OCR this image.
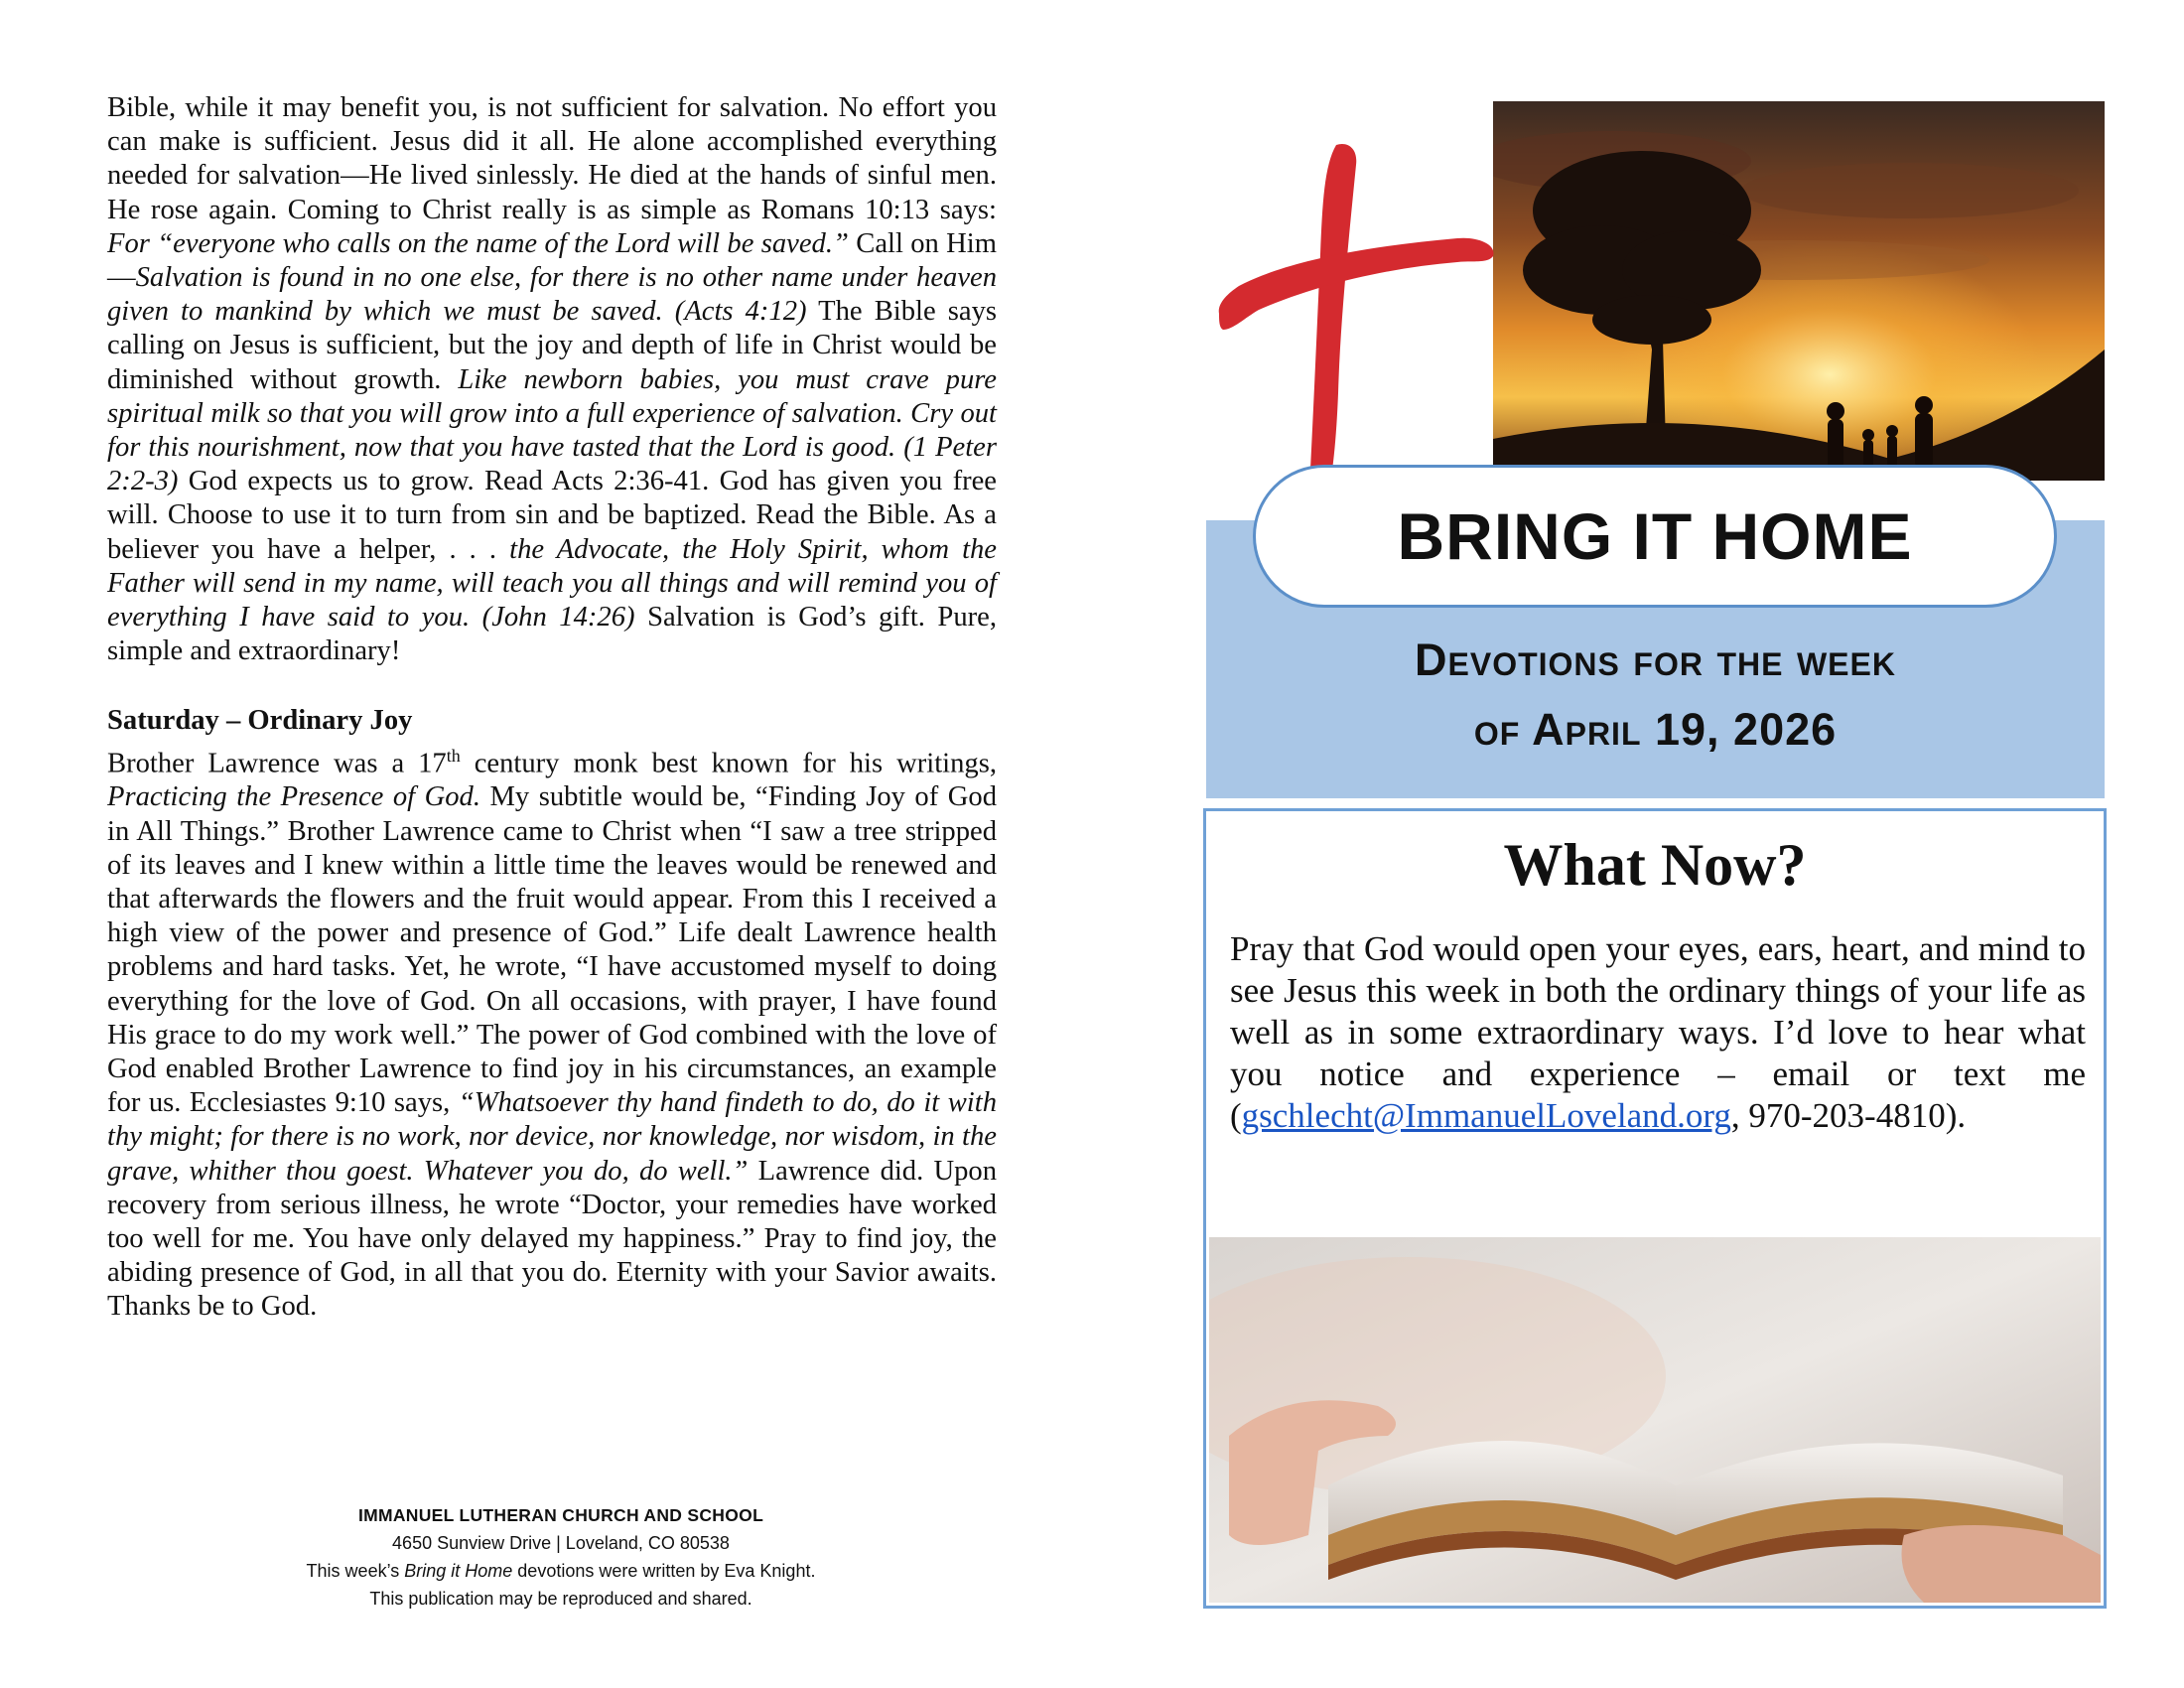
Bible, while it may benefit you, is not sufficient for salvation. No effort you can make is sufficient. Jesus did it all. He alone accomplished everything needed for salvation—He lived sinlessly. He died at the hands of sinful men. He rose again. Coming to Christ really is as simple as Romans 10:13 says: For “everyone who calls on the name of the Lord will be saved.” Call on Him—Salvation is found in no one else, for there is no other name under heaven given to mankind by which we must be saved. (Acts 4:12) The Bible says calling on Jesus is sufficient, but the joy and depth of life in Christ would be diminished without growth. Like newborn babies, you must crave pure spiritual milk so that you will grow into a full experience of salvation. Cry out for this nourishment, now that you have tasted that the Lord is good. (1 Peter 2:2-3) God expects us to grow. Read Acts 2:36-41. God has given you free will. Choose to use it to turn from sin and be baptized. Read the Bible. As a believer you have a helper, . . . the Advocate, the Holy Spirit, whom the Father will send in my name, will teach you all things and will remind you of everything I have said to you. (John 14:26) Salvation is God’s gift. Pure, simple and extraordinary!

Saturday – Ordinary Joy

Brother Lawrence was a 17th century monk best known for his writings, Practicing the Presence of God. My subtitle would be, “Finding Joy of God in All Things.” Brother Lawrence came to Christ when “I saw a tree stripped of its leaves and I knew within a little time the leaves would be renewed and that afterwards the flowers and the fruit would appear. From this I received a high view of the power and presence of God.” Life dealt Lawrence health problems and hard tasks. Yet, he wrote, “I have accustomed myself to doing everything for the love of God. On all occasions, with prayer, I have found His grace to do my work well.” The power of God combined with the love of God enabled Brother Lawrence to find joy in his circumstances, an example for us. Ecclesiastes 9:10 says, “Whatsoever thy hand findeth to do, do it with thy might; for there is no work, nor device, nor knowledge, nor wisdom, in the grave, whither thou goest. Whatever you do, do well.” Lawrence did. Upon recovery from serious illness, he wrote “Doctor, your remedies have worked too well for me. You have only delayed my happiness.” Pray to find joy, the abiding presence of God, in all that you do. Eternity with your Savior awaits. Thanks be to God.

IMMANUEL LUTHERAN CHURCH AND SCHOOL
4650 Sunview Drive | Loveland, CO 80538
This week’s Bring it Home devotions were written by Eva Knight.
This publication may be reproduced and shared.
BRING IT HOME
Devotions for the week
of April 19, 2026
What Now?
Pray that God would open your eyes, ears, heart, and mind to see Jesus this week in both the ordinary things of your life as well as in some extraordinary ways. I’d love to hear what you notice and experience – email or text me (gschlecht@ImmanuelLoveland.org, 970-203-4810).
